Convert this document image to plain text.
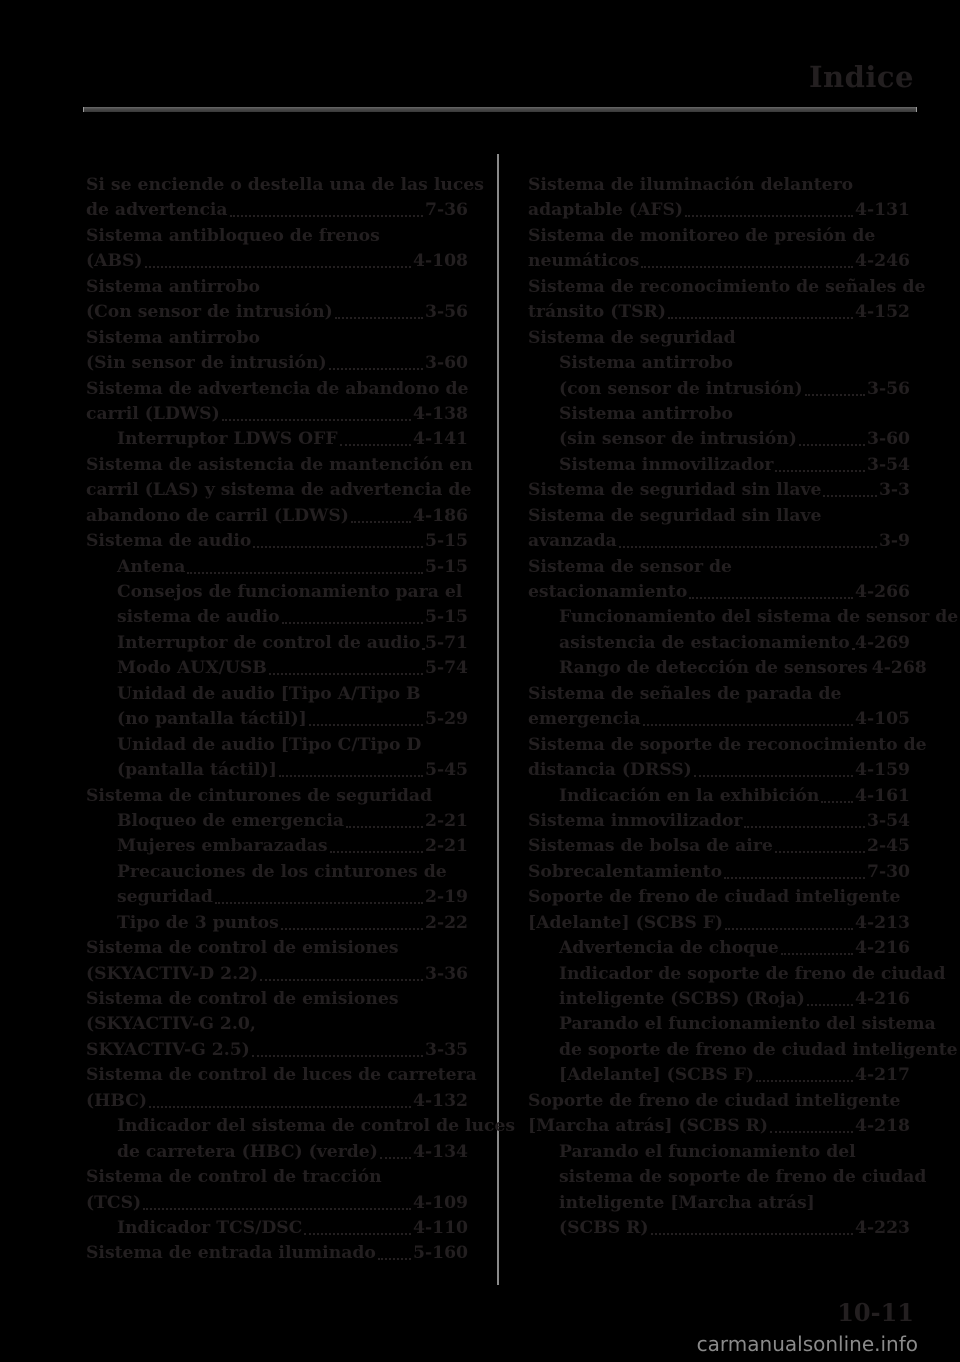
Indice
Si se enciende o destella una de las luces
de advertencia	7-36
Sistema antibloqueo de frenos
(ABS)	4-108
Sistema antirrobo
(Con sensor de intrusión)	3-56
Sistema antirrobo
(Sin sensor de intrusión)	3-60
Sistema de advertencia de abandono de
carril (LDWS)	4-138
Interruptor LDWS OFF	4-141
Sistema de asistencia de mantención en
carril (LAS) y sistema de advertencia de
abandono de carril (LDWS)	4-186
Sistema de audio	5-15
Antena	5-15
Consejos de funcionamiento para el
sistema de audio	5-15
Interruptor de control de audio 5-71
Modo AUX/USB	5-74
Unidad de audio [Tipo A/Tipo B
(no pantalla táctil)]	5-29
Unidad de audio [Tipo C/Tipo D
(pantalla táctil)]	5-45
Sistema de cinturones de seguridad
Bloqueo de emergencia	2-21
Mujeres embarazadas	2-21
Precauciones de los cinturones de
seguridad	2-19
Tipo de 3 puntos	2-22
Sistema de control de emisiones
(SKYACTIV-D 2.2)	3-36
Sistema de control de emisiones
(SKYACTIV-G 2.0,
SKYACTIV-G 2.5)	3-35
Sistema de control de luces de carretera
(HBC)	4-132
Indicador del sistema de control de luces
de carretera (HBC) (verde) 4-134
Sistema de control de tracción
(TCS)	4-109
Indicador TCS/DSC	4-110
Sistema de entrada iluminado 5-160
Sistema de iluminación delantero
adaptable (AFS)	4-131
Sistema de monitoreo de presión de
neumáticos	4-246
Sistema de reconocimiento de señales de
tránsito (TSR)	4-152
Sistema de seguridad
Sistema antirrobo
(con sensor de intrusión)	3-56
Sistema antirrobo
(sin sensor de intrusión)	3-60
Sistema inmovilizador	3-54
Sistema de seguridad sin llave	3-3
Sistema de seguridad sin llave
avanzada	3-9
Sistema de sensor de
estacionamiento	4-266
Funcionamiento del sistema de sensor de
asistencia de estacionamiento 4-269
Rango de detección de sensores 4-268
Sistema de señales de parada de
emergencia	4-105
Sistema de soporte de reconocimiento de
distancia (DRSS)	4-159
Indicación en la exhibición 4-161
Sistema inmovilizador	3-54
Sistemas de bolsa de aire	2-45
Sobrecalentamiento	7-30
Soporte de freno de ciudad inteligente
[Adelante] (SCBS F)	4-213
Advertencia de choque	4-216
Indicador de soporte de freno de ciudad
inteligente (SCBS) (Roja)	4-216
Parando el funcionamiento del sistema
de soporte de freno de ciudad inteligente
[Adelante] (SCBS F)	4-217
Soporte de freno de ciudad inteligente
[Marcha atrás] (SCBS R)	4-218
Parando el funcionamiento del
sistema de soporte de freno de ciudad
inteligente [Marcha atrás]
(SCBS R)	4-223
10-11
carmanualsonline.info
